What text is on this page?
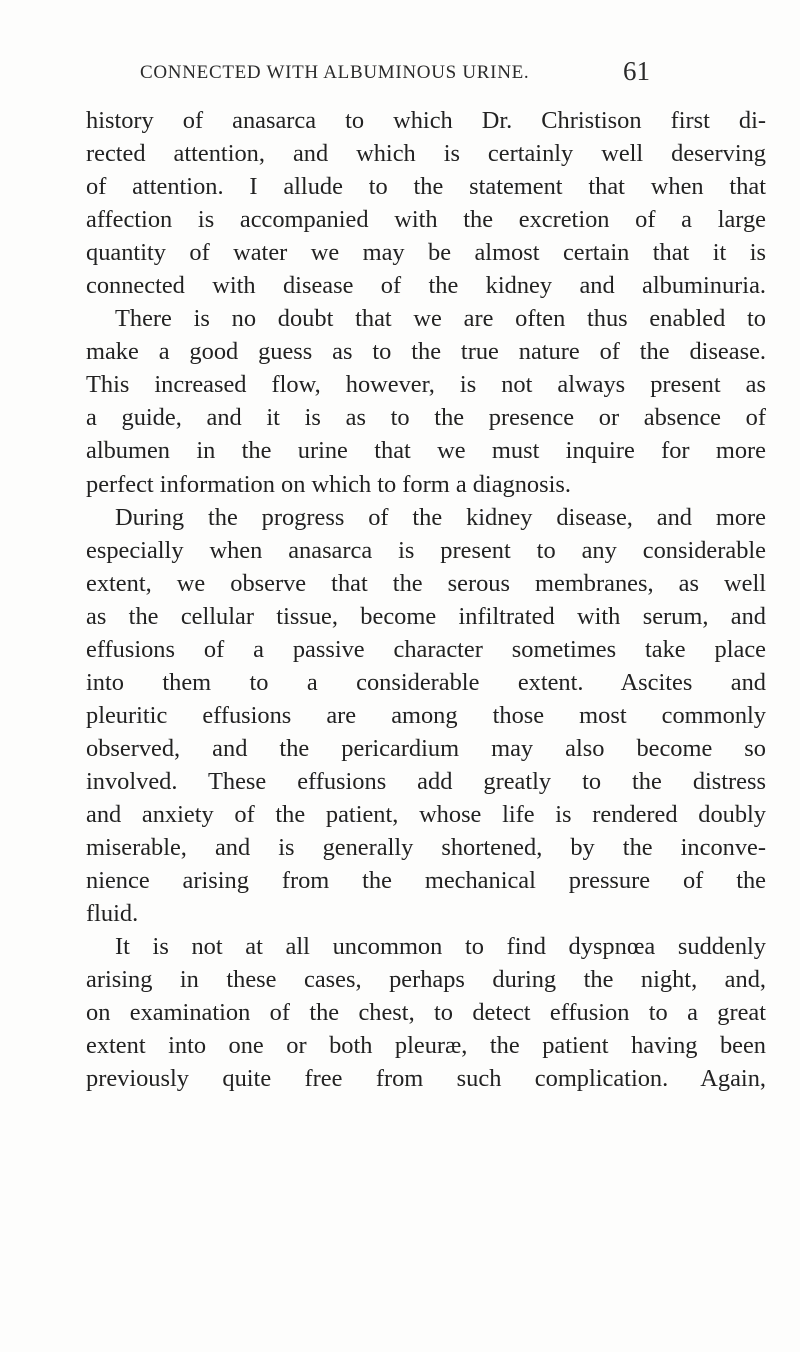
CONNECTED WITH ALBUMINOUS URINE.	61
history of anasarca to which Dr. Christison first di-
rected attention, and which is certainly well deserving
of attention. I allude to the statement that when that
affection is accompanied with the excretion of a large
quantity of water we may be almost certain that it is
connected with disease of the kidney and albuminuria.
There is no doubt that we are often thus enabled to
make a good guess as to the true nature of the disease.
This increased flow, however, is not always present as
a guide, and it is as to the presence or absence of
albumen in the urine that we must inquire for more
perfect information on which to form a diagnosis.
During the progress of the kidney disease, and more
especially when anasarca is present to any considerable
extent, we observe that the serous membranes, as well
as the cellular tissue, become infiltrated with serum, and
effusions of a passive character sometimes take place
into them to a considerable extent. Ascites and
pleuritic effusions are among those most commonly
observed, and the pericardium may also become so
involved. These effusions add greatly to the distress
and anxiety of the patient, whose life is rendered doubly
miserable, and is generally shortened, by the inconve-
nience arising from the mechanical pressure of the
fluid.
It is not at all uncommon to find dyspnœa suddenly
arising in these cases, perhaps during the night, and,
on examination of the chest, to detect effusion to a great
extent into one or both pleuræ, the patient having been
previously quite free from such complication. Again,
